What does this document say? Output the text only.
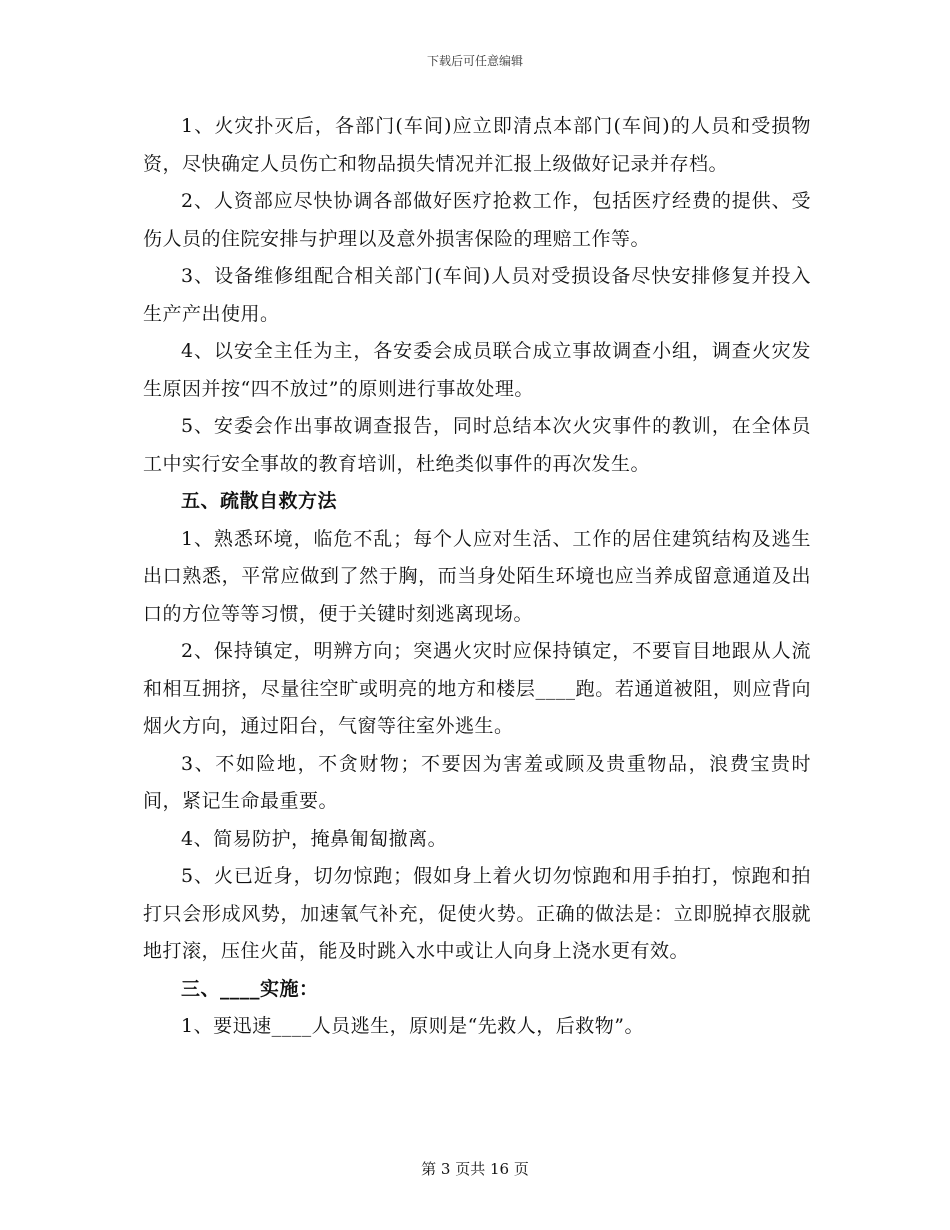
下载后可任意编辑

1、火灾扑灭后，各部门(车间)应立即清点本部门(车间)的人员和受损物资，尽快确定人员伤亡和物品损失情况并汇报上级做好记录并存档。

2、人资部应尽快协调各部做好医疗抢救工作，包括医疗经费的提供、受伤人员的住院安排与护理以及意外损害保险的理赔工作等。

3、设备维修组配合相关部门(车间)人员对受损设备尽快安排修复并投入生产产出使用。

4、以安全主任为主，各安委会成员联合成立事故调查小组，调查火灾发生原因并按“四不放过”的原则进行事故处理。

5、安委会作出事故调查报告，同时总结本次火灾事件的教训，在全体员工中实行安全事故的教育培训，杜绝类似事件的再次发生。

五、疏散自救方法

1、熟悉环境，临危不乱；每个人应对生活、工作的居住建筑结构及逃生出口熟悉，平常应做到了然于胸，而当身处陌生环境也应当养成留意通道及出口的方位等等习惯，便于关键时刻逃离现场。

2、保持镇定，明辨方向；突遇火灾时应保持镇定，不要盲目地跟从人流和相互拥挤，尽量往空旷或明亮的地方和楼层____跑。若通道被阻，则应背向烟火方向，通过阳台，气窗等往室外逃生。

3、不如险地，不贪财物；不要因为害羞或顾及贵重物品，浪费宝贵时间，紧记生命最重要。

4、简易防护，掩鼻匍匐撤离。

5、火已近身，切勿惊跑；假如身上着火切勿惊跑和用手拍打，惊跑和拍打只会形成风势，加速氧气补充，促使火势。正确的做法是：立即脱掉衣服就地打滚，压住火苗，能及时跳入水中或让人向身上浇水更有效。

三、____实施：

1、要迅速____人员逃生，原则是“先救人，后救物”。

第 3 页共 16 页
